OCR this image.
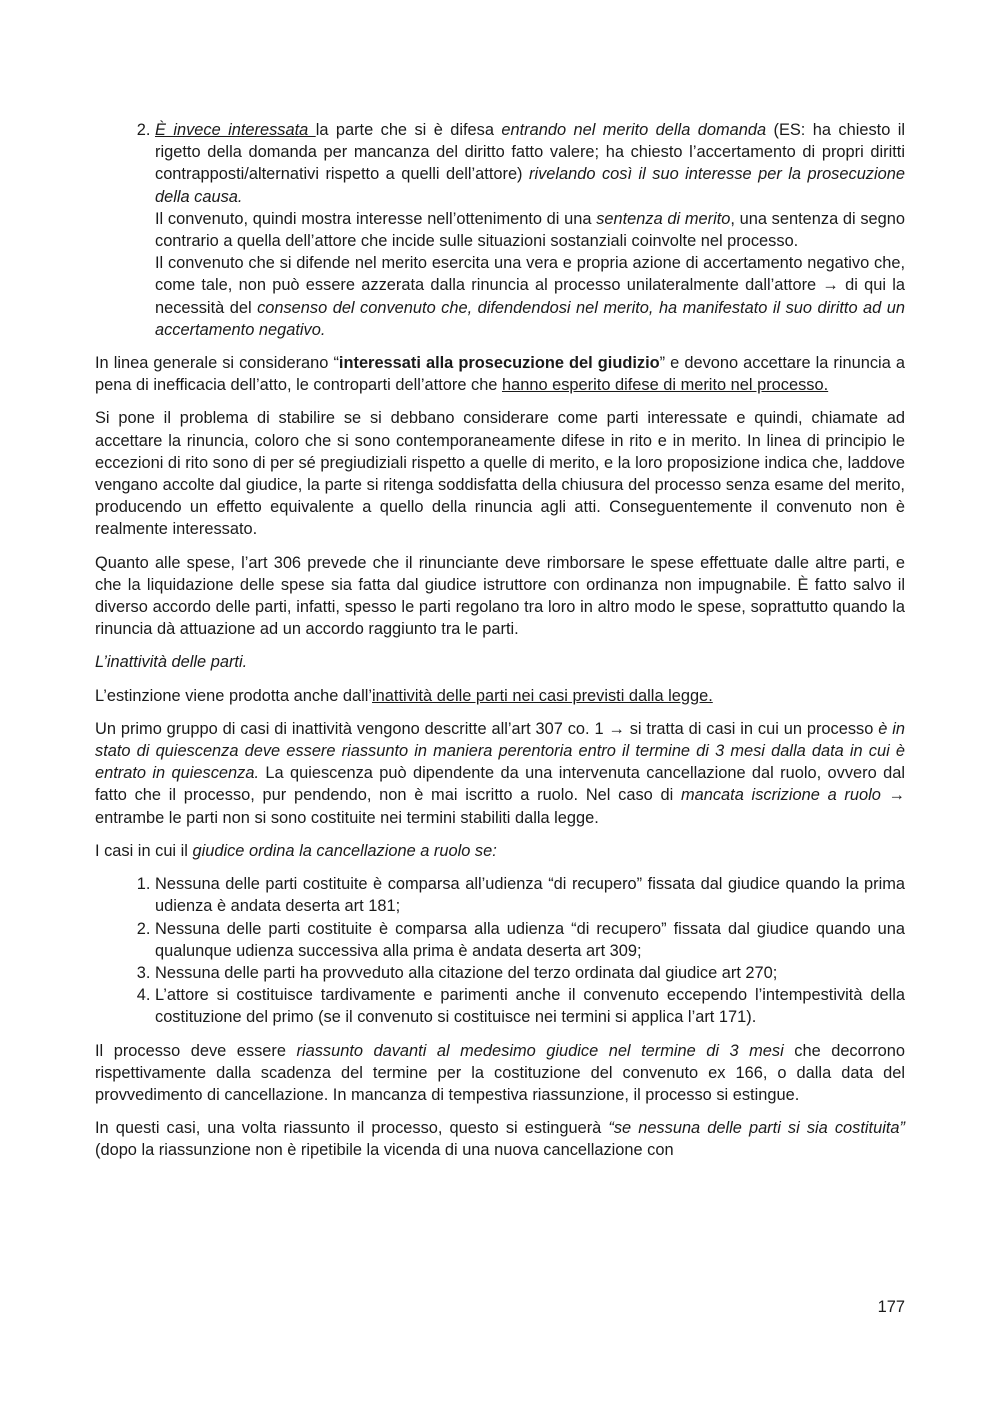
2. È invece interessata la parte che si è difesa entrando nel merito della domanda (ES: ha chiesto il rigetto della domanda per mancanza del diritto fatto valere; ha chiesto l’accertamento di propri diritti contrapposti/alternativi rispetto a quelli dell’attore) rivelando così il suo interesse per la prosecuzione della causa.

Il convenuto, quindi mostra interesse nell’ottenimento di una sentenza di merito, una sentenza di segno contrario a quella dell’attore che incide sulle situazioni sostanziali coinvolte nel processo.

Il convenuto che si difende nel merito esercita una vera e propria azione di accertamento negativo che, come tale, non può essere azzerata dalla rinuncia al processo unilateralmente dall’attore → di qui la necessità del consenso del convenuto che, difendendosi nel merito, ha manifestato il suo diritto ad un accertamento negativo.

In linea generale si considerano “interessati alla prosecuzione del giudizio” e devono accettare la rinuncia a pena di inefficacia dell’atto, le controparti dell’attore che hanno esperito difese di merito nel processo.

Si pone il problema di stabilire se si debbano considerare come parti interessate e quindi, chiamate ad accettare la rinuncia, coloro che si sono contemporaneamente difese in rito e in merito. In linea di principio le eccezioni di rito sono di per sé pregiudiziali rispetto a quelle di merito, e la loro proposizione indica che, laddove vengano accolte dal giudice, la parte si ritenga soddisfatta della chiusura del processo senza esame del merito, producendo un effetto equivalente a quello della rinuncia agli atti. Conseguentemente il convenuto non è realmente interessato.

Quanto alle spese, l’art 306 prevede che il rinunciante deve rimborsare le spese effettuate dalle altre parti, e che la liquidazione delle spese sia fatta dal giudice istruttore con ordinanza non impugnabile. È fatto salvo il diverso accordo delle parti, infatti, spesso le parti regolano tra loro in altro modo le spese, soprattutto quando la rinuncia dà attuazione ad un accordo raggiunto tra le parti.

L’inattività delle parti.

L’estinzione viene prodotta anche dall’inattività delle parti nei casi previsti dalla legge.

Un primo gruppo di casi di inattività vengono descritte all’art 307 co. 1 → si tratta di casi in cui un processo è in stato di quiescenza deve essere riassunto in maniera perentoria entro il termine di 3 mesi dalla data in cui è entrato in quiescenza. La quiescenza può dipendente da una intervenuta cancellazione dal ruolo, ovvero dal fatto che il processo, pur pendendo, non è mai iscritto a ruolo. Nel caso di mancata iscrizione a ruolo → entrambe le parti non si sono costituite nei termini stabiliti dalla legge.

I casi in cui il giudice ordina la cancellazione a ruolo se:

1. Nessuna delle parti costituite è comparsa all’udienza “di recupero” fissata dal giudice quando la prima udienza è andata deserta art 181;
2. Nessuna delle parti costituite è comparsa alla udienza “di recupero” fissata dal giudice quando una qualunque udienza successiva alla prima è andata deserta art 309;
3. Nessuna delle parti ha provveduto alla citazione del terzo ordinata dal giudice art 270;
4. L’attore si costituisce tardivamente e parimenti anche il convenuto eccependo l’intempestività della costituzione del primo (se il convenuto si costituisce nei termini si applica l’art 171).

Il processo deve essere riassunto davanti al medesimo giudice nel termine di 3 mesi che decorrono rispettivamente dalla scadenza del termine per la costituzione del convenuto ex 166, o dalla data del provvedimento di cancellazione. In mancanza di tempestiva riassunzione, il processo si estingue.

In questi casi, una volta riassunto il processo, questo si estinguerà “se nessuna delle parti si sia costituita” (dopo la riassunzione non è ripetibile la vicenda di una nuova cancellazione con

177
